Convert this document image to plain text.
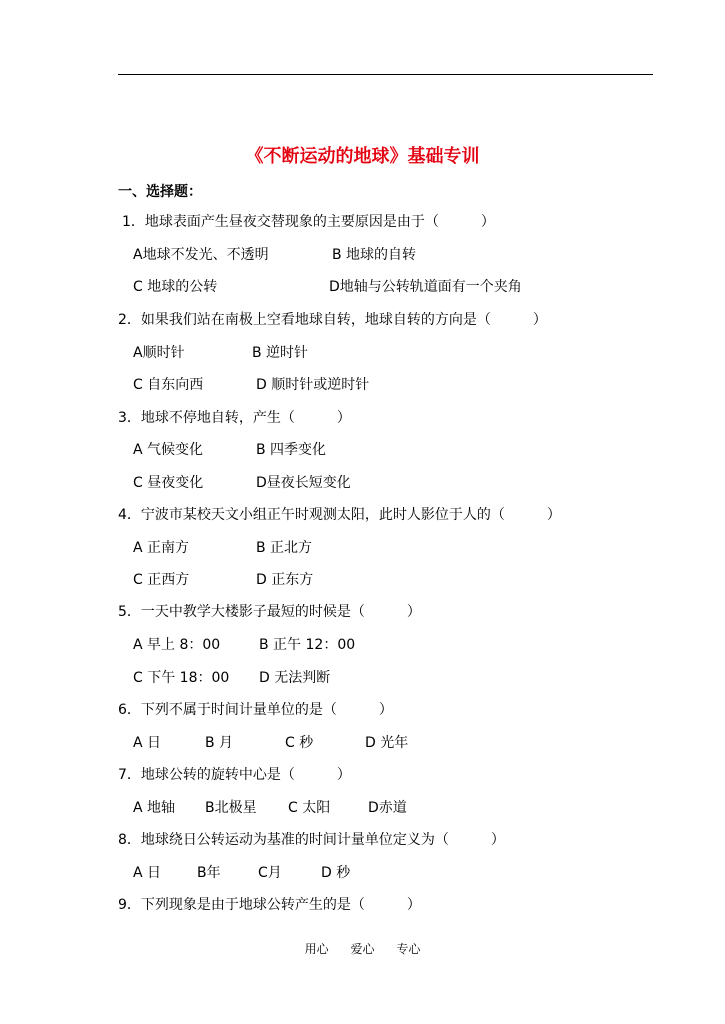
《不断运动的地球》基础专训
一、选择题：
1．地球表面产生昼夜交替现象的主要原因是由于（　　　）

A地球不发光、不透明

	B 地球的自转

C 地球的公转

	D地轴与公转轨道面有一个夹角

2．如果我们站在南极上空看地球自转，地球自转的方向是（　　　）

A顺时针

	B 逆时针

C 自东向西

	D 顺时针或逆时针

3．地球不停地自转，产生（　　　）

A 气候变化

	B 四季变化

C 昼夜变化

	D昼夜长短变化

4．宁波市某校天文小组正午时观测太阳，此时人影位于人的（　　　）

A 正南方

	B 正北方

C 正西方

	D 正东方

5．一天中教学大楼影子最短的时候是（　　　）

A 早上 8：00

	B 正午 12：00

C 下午 18：00

D 无法判断

6．下列不属于时间计量单位的是（　　　）

A 日

	B 月

	C 秒

	D 光年

7．地球公转的旋转中心是（　　　）

A 地轴

B北极星

C 太阳

	D赤道

8．地球绕日公转运动为基准的时间计量单位定义为（　　　）

A 日

	B年

	C月

	D 秒

9．下列现象是由于地球公转产生的是（　　　）
用心 爱心 专心
